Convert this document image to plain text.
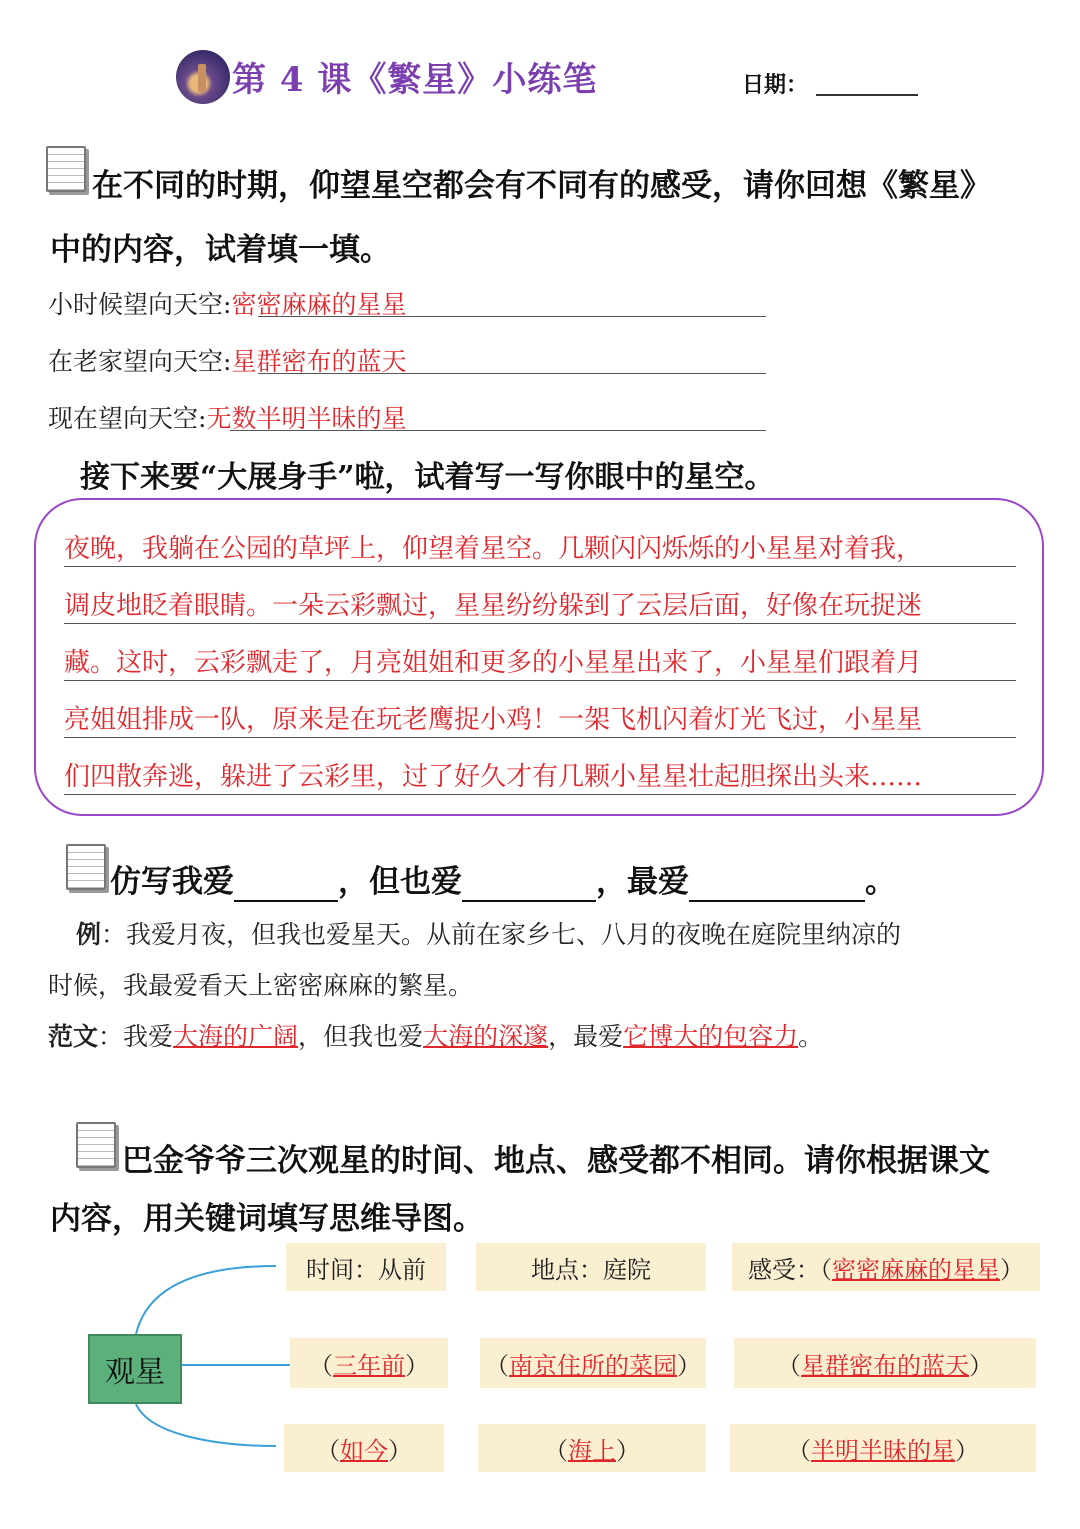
第 4 课《繁星》小练笔	日期：
在不同的时期，仰望星空都会有不同有的感受，请你回想《繁星》
中的内容，试着填一填。
小时候望向天空:密密麻麻的星星
在老家望向天空:星群密布的蓝天
现在望向天空:无数半明半昧的星
接下来要“大展身手”啦，试着写一写你眼中的星空。
夜晚，我躺在公园的草坪上，仰望着星空。几颗闪闪烁烁的小星星对着我，
调皮地眨着眼睛。一朵云彩飘过，星星纷纷躲到了云层后面，好像在玩捉迷
藏。这时，云彩飘走了，月亮姐姐和更多的小星星出来了，小星星们跟着月
亮姐姐排成一队，原来是在玩老鹰捉小鸡！一架飞机闪着灯光飞过，小星星
们四散奔逃，躲进了云彩里，过了好久才有几颗小星星壮起胆探出头来……
仿写我爱	，但也爱	，最爱	。
例：我爱月夜，但我也爱星天。从前在家乡七、八月的夜晚在庭院里纳凉的
时候，我最爱看天上密密麻麻的繁星。
范文：我爱大海的广阔，但我也爱大海的深邃，最爱它博大的包容力。
巴金爷爷三次观星的时间、地点、感受都不相同。请你根据课文
内容，用关键词填写思维导图。
观星
时间： 从前	地点： 庭院	感受：（ 密密麻麻的星星 ）
（ 三年前 ） （ 南京住所的菜园 ）	（ 星群密布的蓝天 ）
（ 如今 ）	（ 海上 ）	（ 半明半昧的星 ）
